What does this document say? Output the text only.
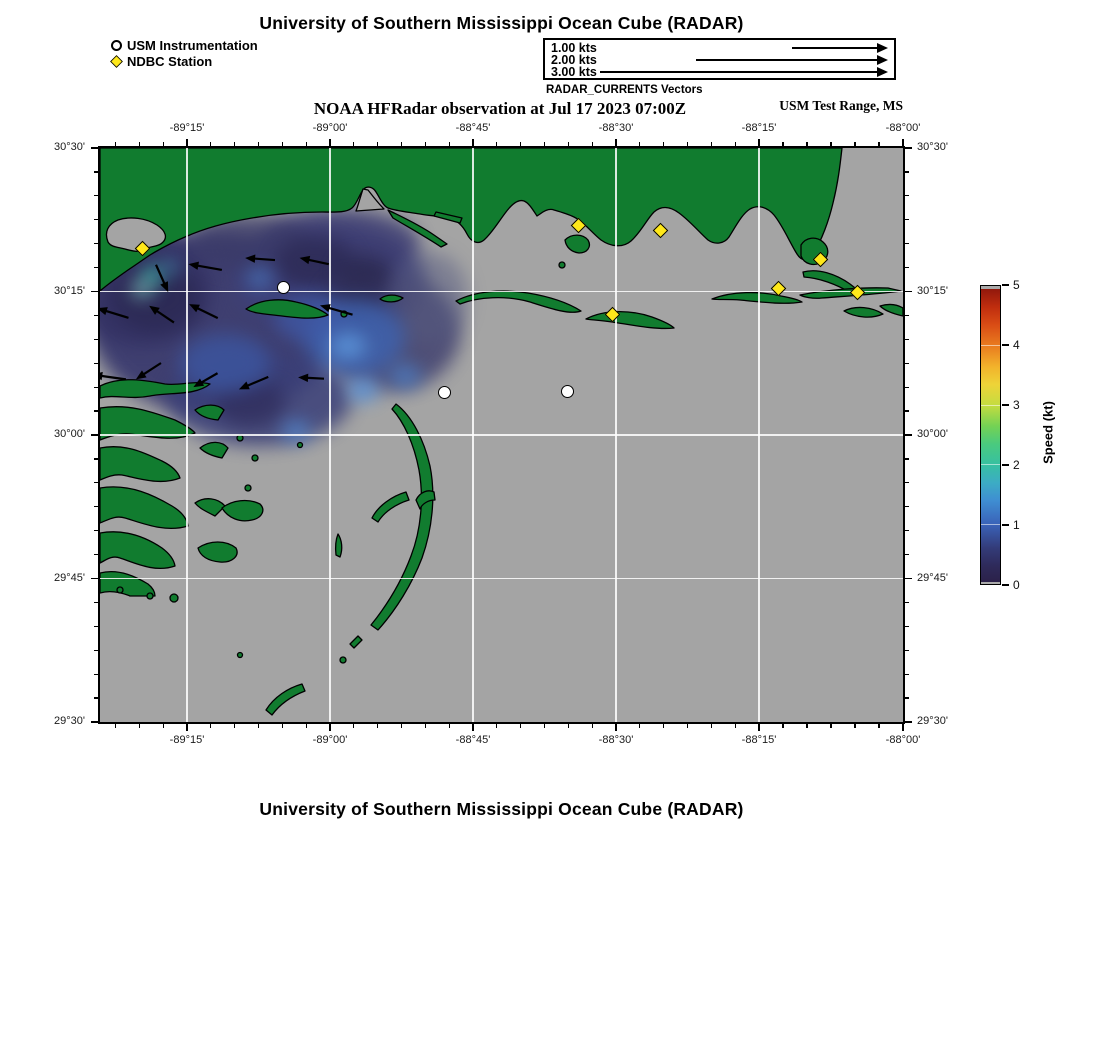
University of Southern Mississippi Ocean Cube (RADAR)
USM Instrumentation
NDBC Station
1.00 kts
2.00 kts
3.00 kts
RADAR_CURRENTS Vectors
NOAA HFRadar observation at Jul 17 2023 07:00Z	USM Test Range, MS
-89°15'
-89°15'
-89°00'
-89°00'
-88°45'
-88°45'
-88°30'
-88°30'
-88°15'
-88°15'
-88°00'
-88°00'
30°30'	30°30'
30°15'	30°15'
30°00'	30°00'
29°45'	29°45'
29°30'	29°30'
0
1
2
3
4
5
Speed (kt)
University of Southern Mississippi Ocean Cube (RADAR)
